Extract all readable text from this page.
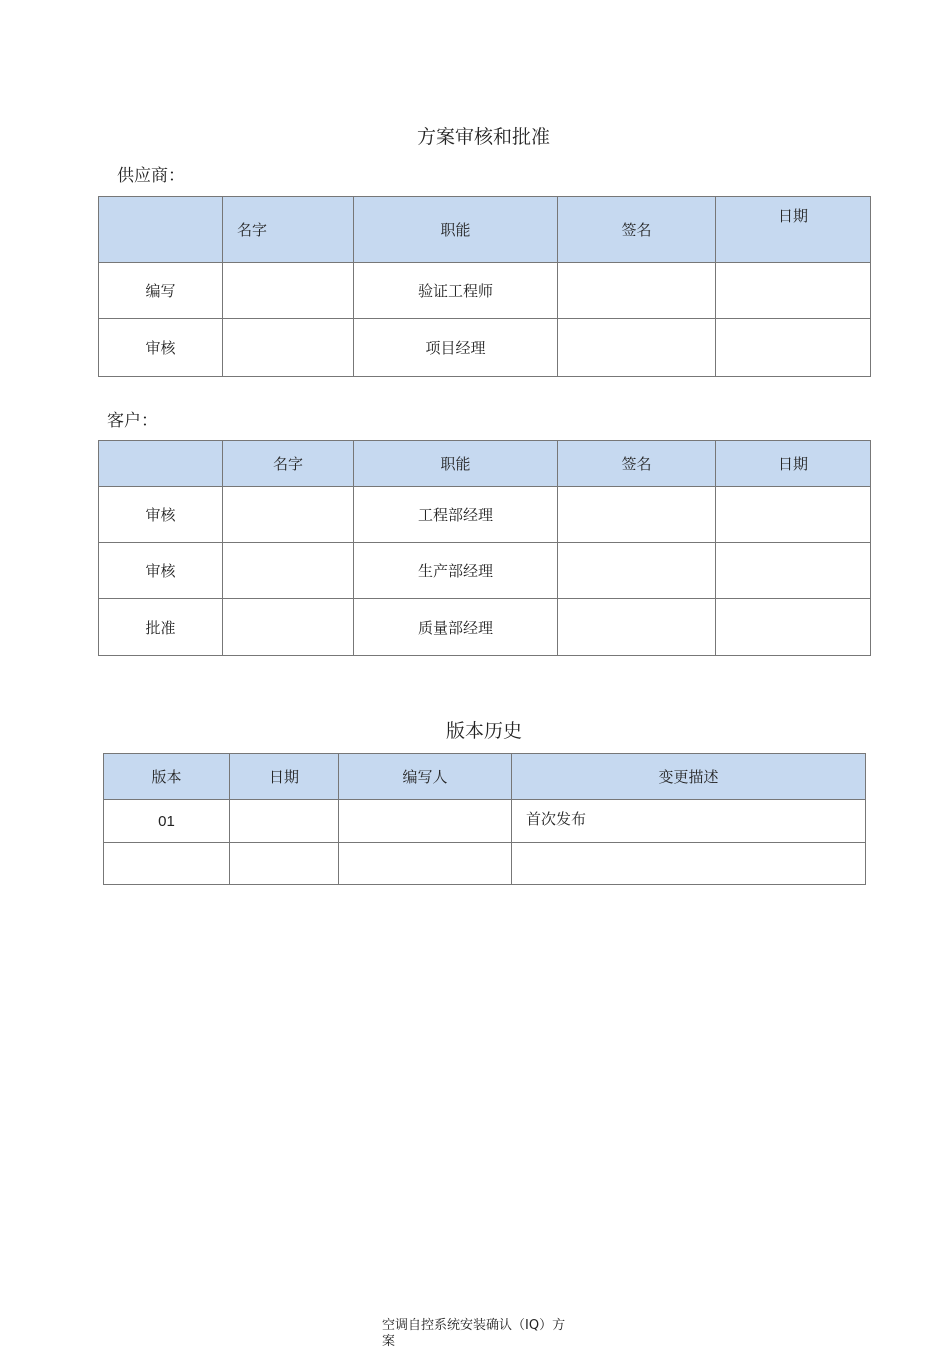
方案审核和批准
供应商：
	名字	职能	签名	日期
编写		验证工程师		
审核		项目经理		
客户：
	名字	职能	签名	日期
审核		工程部经理		
审核		生产部经理		
批准		质量部经理		
版本历史
版本	日期	编写人	变更描述
01			首次发布

空调自控系统安装确认（IQ）方
案
